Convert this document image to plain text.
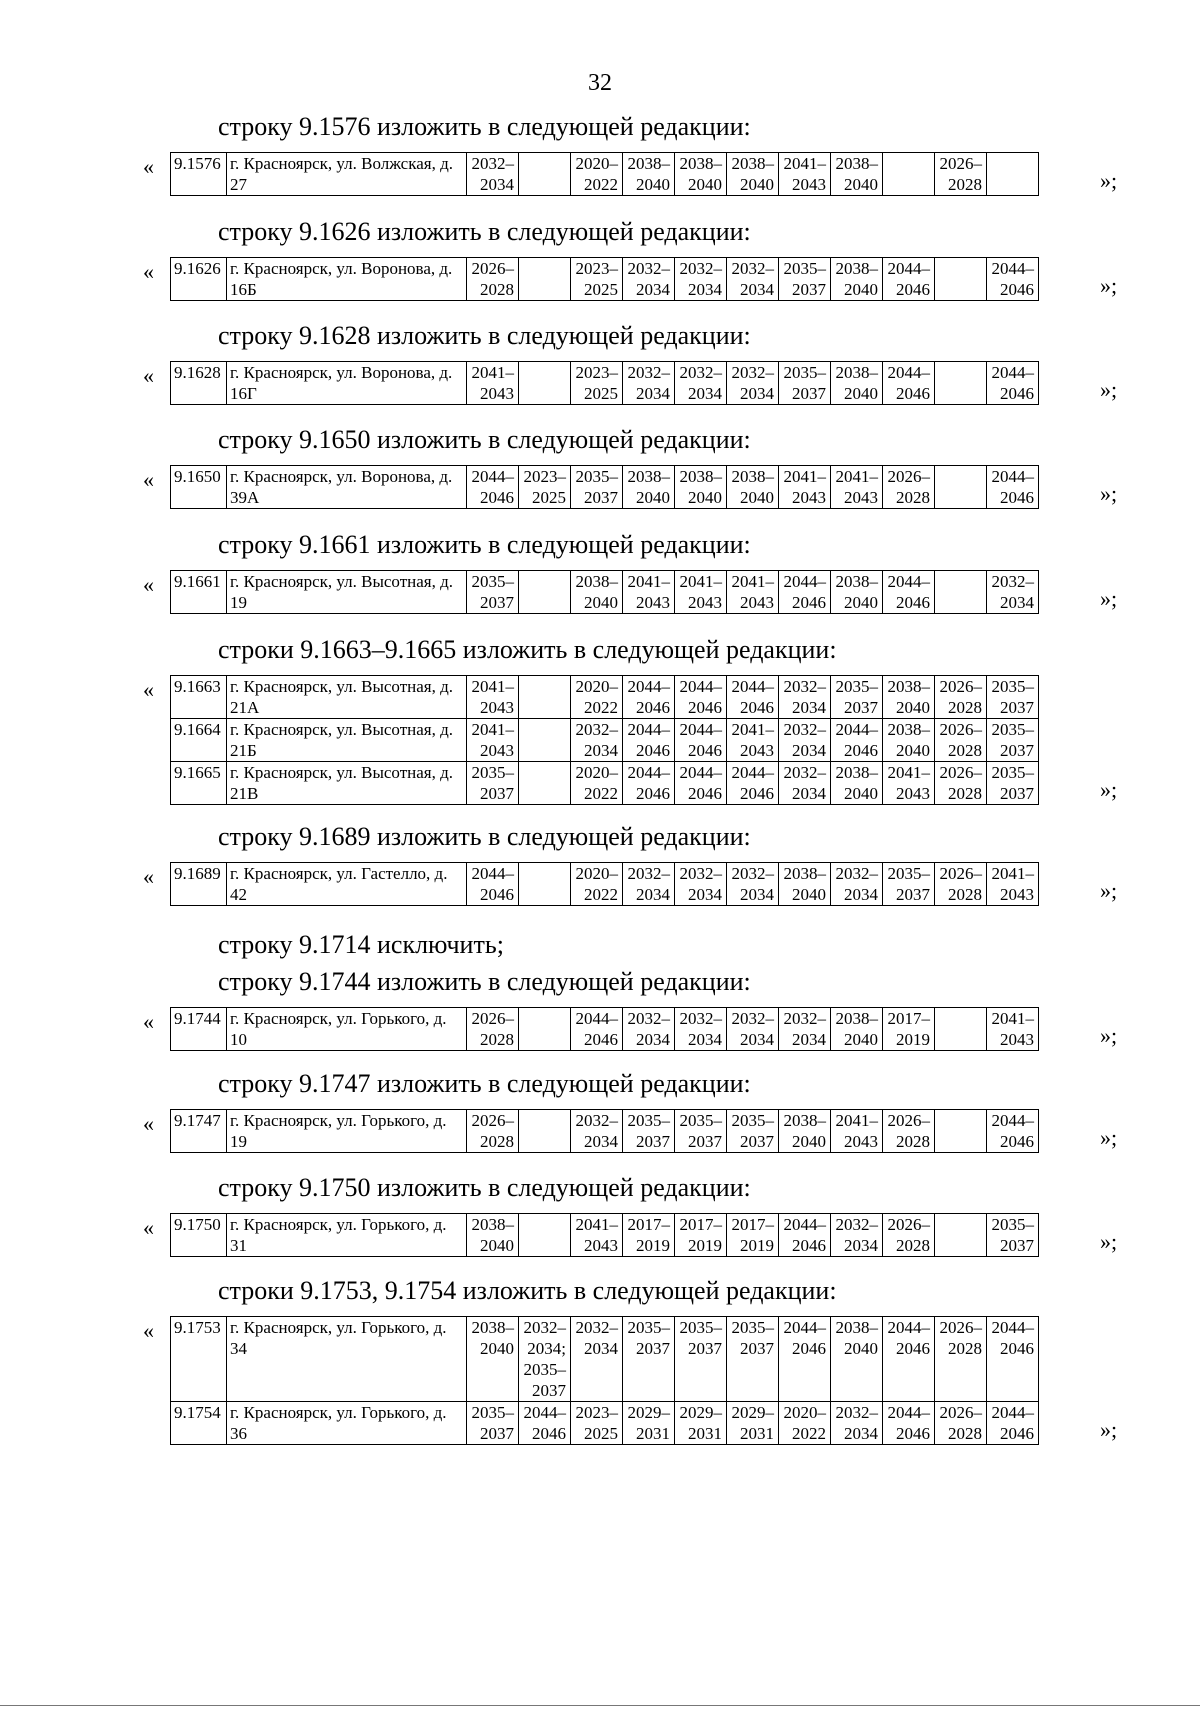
32
строку 9.1576 изложить в следующей редакции:
« 9.1576	г. Красноярск, ул. Волжская, д. 27	2032–
2034		2020–
2022	2038–
2040	2038–
2040	2038–
2040	2041–
2043	2038–
2040		2026–
2028		»;
строку 9.1626 изложить в следующей редакции:
« 9.1626	г. Красноярск, ул. Воронова, д. 16Б	2026–
2028		2023–
2025	2032–
2034	2032–
2034	2032–
2034	2035–
2037	2038–
2040	2044–
2046		2044–
2046	»;
строку 9.1628 изложить в следующей редакции:
« 9.1628	г. Красноярск, ул. Воронова, д. 16Г	2041–
2043		2023–
2025	2032–
2034	2032–
2034	2032–
2034	2035–
2037	2038–
2040	2044–
2046		2044–
2046	»;
строку 9.1650 изложить в следующей редакции:
« 9.1650	г. Красноярск, ул. Воронова, д. 39А	2044–
2046	2023–
2025	2035–
2037	2038–
2040	2038–
2040	2038–
2040	2041–
2043	2041–
2043	2026–
2028		2044–
2046	»;
строку 9.1661 изложить в следующей редакции:
« 9.1661	г. Красноярск, ул. Высотная, д. 19	2035–
2037		2038–
2040	2041–
2043	2041–
2043	2041–
2043	2044–
2046	2038–
2040	2044–
2046		2032–
2034	»;
строки 9.1663–9.1665 изложить в следующей редакции:
« 9.1663	г. Красноярск, ул. Высотная, д. 21А	2041–
2043		2020–
2022	2044–
2046	2044–
2046	2044–
2046	2032–
2034	2035–
2037	2038–
2040	2026–
2028	2035–
2037
9.1664	г. Красноярск, ул. Высотная, д. 21Б	2041–
2043		2032–
2034	2044–
2046	2044–
2046	2041–
2043	2032–
2034	2044–
2046	2038–
2040	2026–
2028	2035–
2037
9.1665	г. Красноярск, ул. Высотная, д. 21В	2035–
2037		2020–
2022	2044–
2046	2044–
2046	2044–
2046	2032–
2034	2038–
2040	2041–
2043	2026–
2028	2035–
2037	»;
строку 9.1689 изложить в следующей редакции:
« 9.1689	г. Красноярск, ул. Гастелло, д. 42	2044–
2046		2020–
2022	2032–
2034	2032–
2034	2032–
2034	2038–
2040	2032–
2034	2035–
2037	2026–
2028	2041–
2043	»;
строку 9.1714 исключить;
строку 9.1744 изложить в следующей редакции:
« 9.1744	г. Красноярск, ул. Горького, д. 10	2026–
2028		2044–
2046	2032–
2034	2032–
2034	2032–
2034	2032–
2034	2038–
2040	2017–
2019		2041–
2043	»;
строку 9.1747 изложить в следующей редакции:
« 9.1747	г. Красноярск, ул. Горького, д. 19	2026–
2028		2032–
2034	2035–
2037	2035–
2037	2035–
2037	2038–
2040	2041–
2043	2026–
2028		2044–
2046	»;
строку 9.1750 изложить в следующей редакции:
« 9.1750	г. Красноярск, ул. Горького, д. 31	2038–
2040		2041–
2043	2017–
2019	2017–
2019	2017–
2019	2044–
2046	2032–
2034	2026–
2028		2035–
2037	»;
строки 9.1753, 9.1754 изложить в следующей редакции:
« 9.1753	г. Красноярск, ул. Горького, д. 34	2038–
2040	2032–
2034;
2035–
2037	2032–
2034	2035–
2037	2035–
2037	2035–
2037	2044–
2046	2038–
2040	2044–
2046	2026–
2028	2044–
2046
9.1754	г. Красноярск, ул. Горького, д. 36	2035–
2037	2044–
2046	2023–
2025	2029–
2031	2029–
2031	2029–
2031	2020–
2022	2032–
2034	2044–
2046	2026–
2028	2044–
2046	»;
